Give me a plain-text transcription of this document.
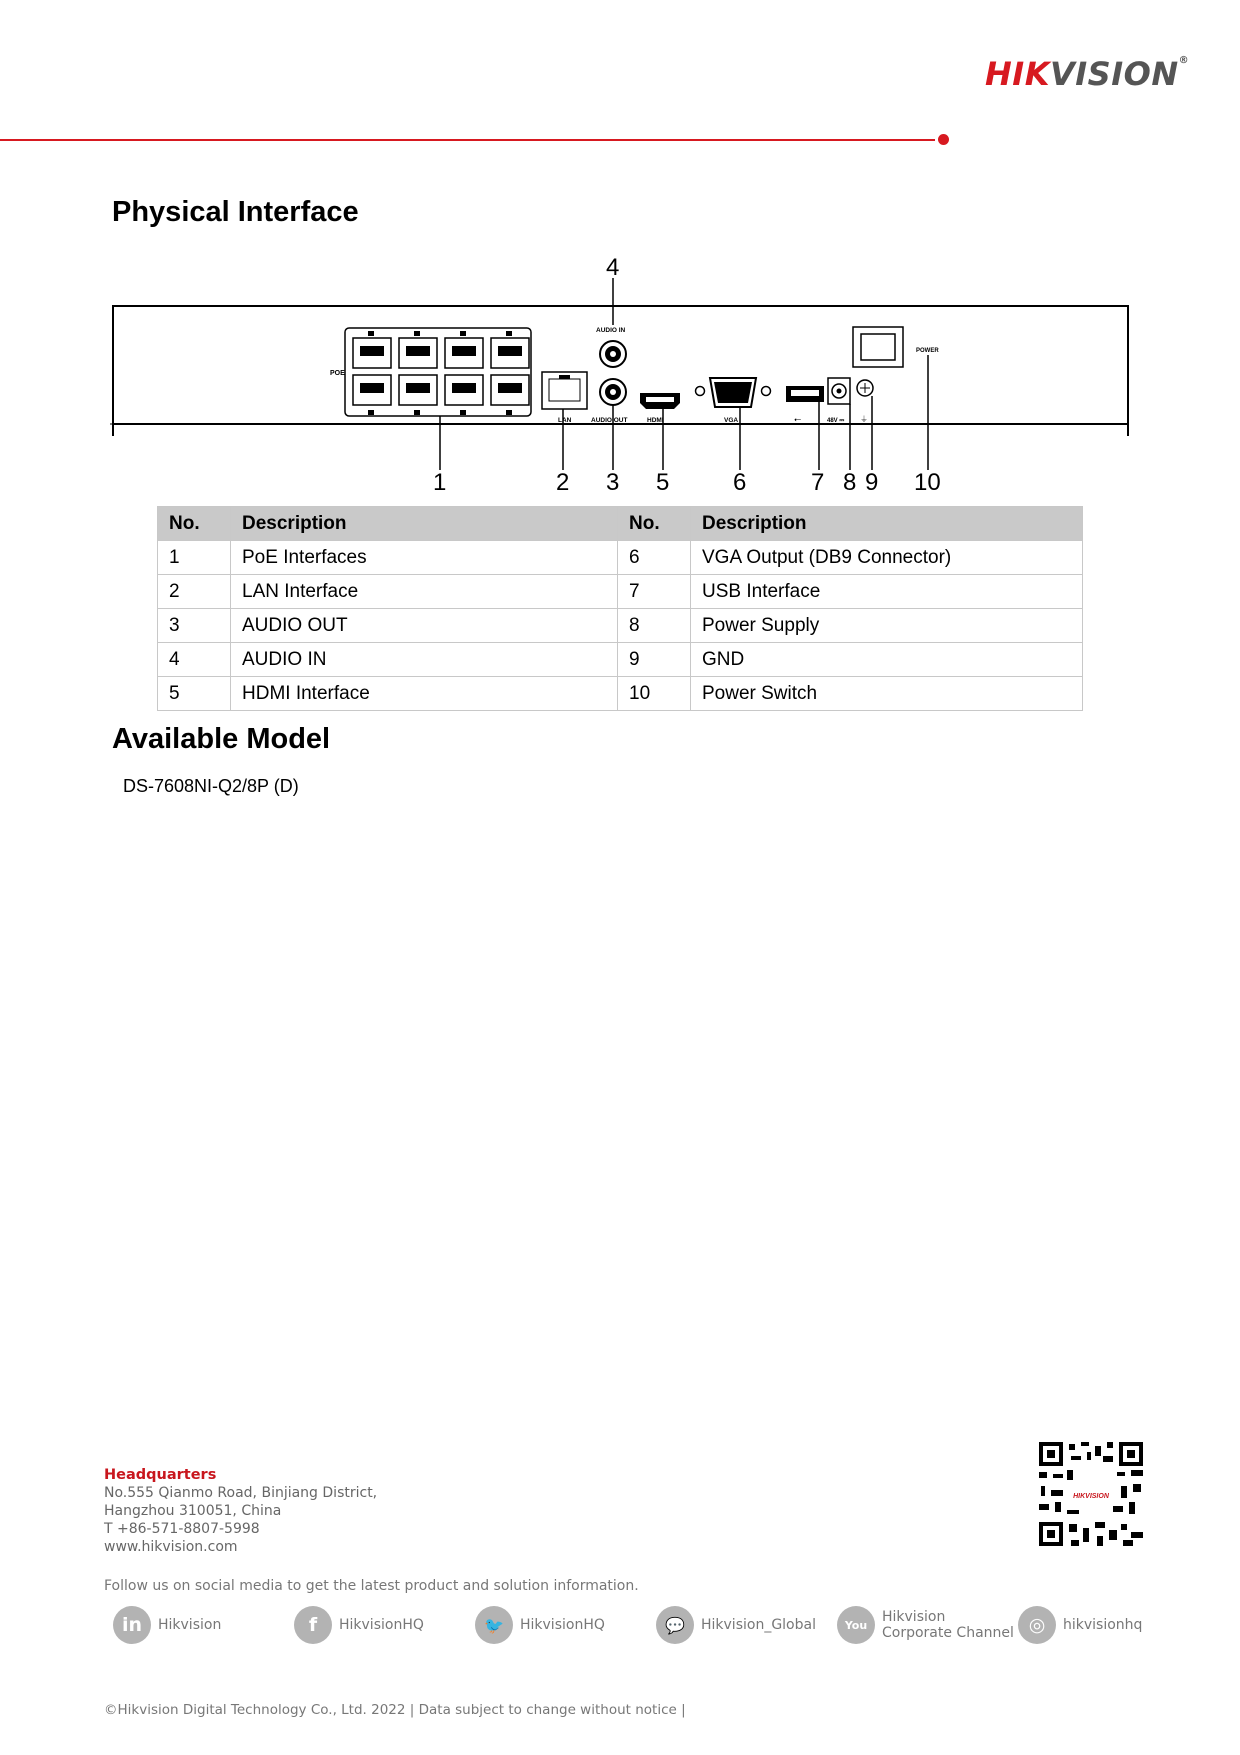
HIKVISION®
Physical Interface
POE
LAN
AUDIO IN
AUDIO OUT	HDMI	VGA	⭠	48V ⎓ ⏚
POWER
1	2 3
4
5	6	7 8 9 10
No.	Description	No.	Description
1	PoE Interfaces	6	VGA Output (DB9 Connector)
2	LAN Interface	7	USB Interface
3	AUDIO OUT	8	Power Supply
4	AUDIO IN	9	GND
5	HDMI Interface	10	Power Switch
Available Model
DS-7608NI-Q2/8P (D)
Headquarters
No.555 Qianmo Road, Binjiang District,
Hangzhou 310051, China
T +86-571-8807-5998
www.hikvision.com
HIKVISION
Follow us on social media to get the latest product and solution information.
in	Hikvision	f	HikvisionHQ	🐦	HikvisionHQ	💬	Hikvision_Global	You	Hikvision
Corporate Channel ◎	hikvisionhq
©Hikvision Digital Technology Co., Ltd. 2022 | Data subject to change without notice |
